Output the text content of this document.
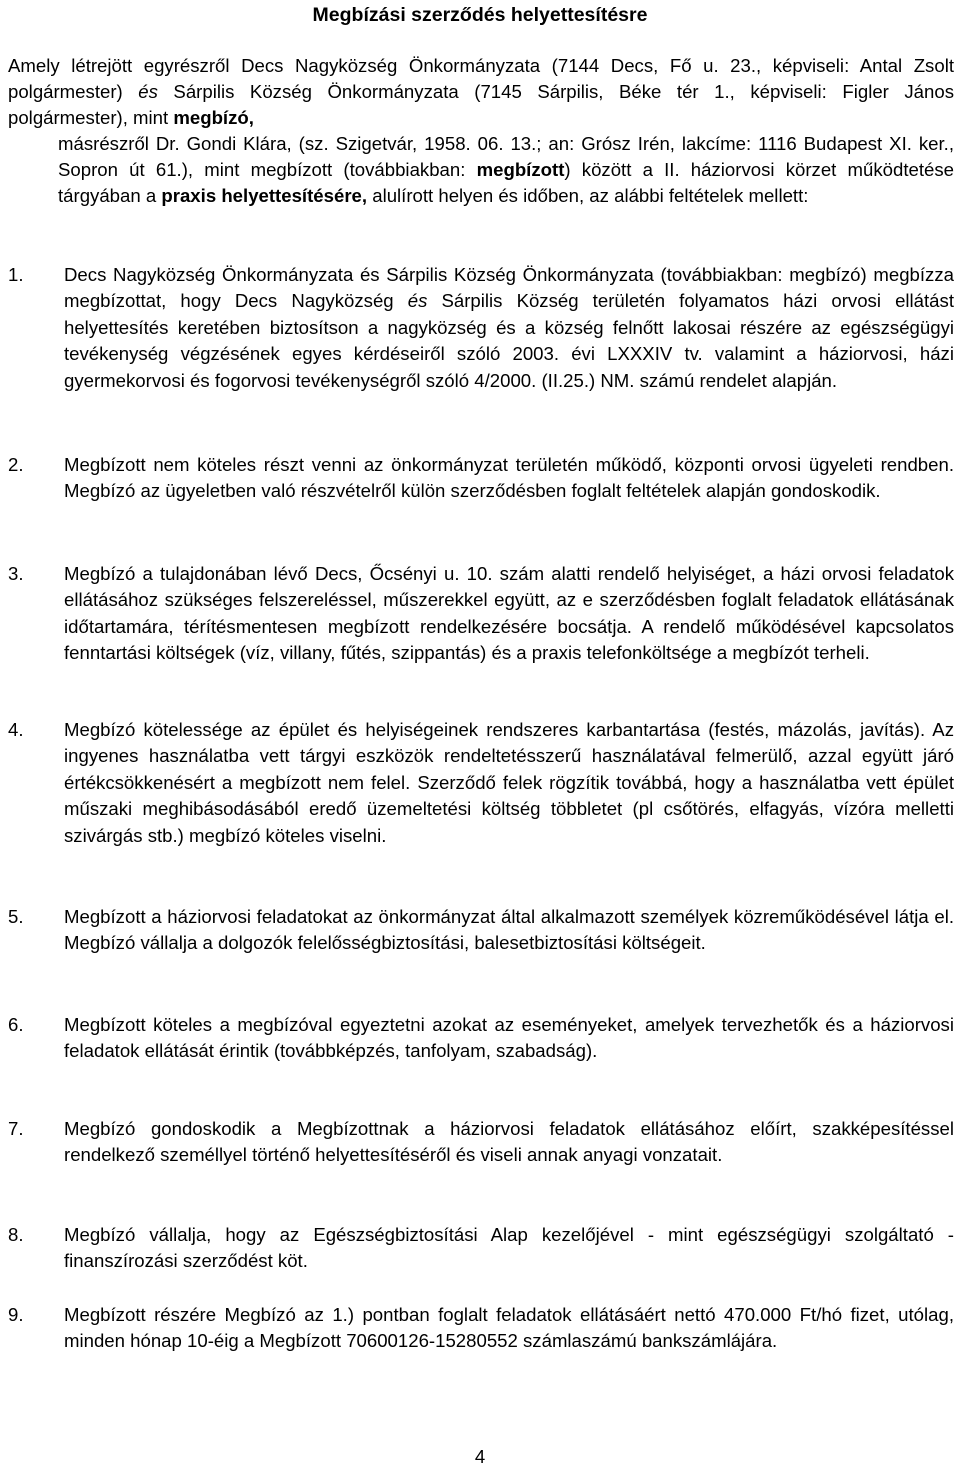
Megbízási szerződés helyettesítésre
Amely létrejött egyrészről Decs Nagyközség Önkormányzata (7144 Decs, Fő u. 23., képviseli: Antal Zsolt polgármester) és Sárpilis Község Önkormányzata (7145 Sárpilis, Béke tér 1., képviseli: Figler János polgármester), mint megbízó,
másrészről Dr. Gondi Klára, (sz. Szigetvár, 1958. 06. 13.; an: Grósz Irén, lakcíme: 1116 Budapest XI. ker., Sopron út 61.), mint megbízott (továbbiakban: megbízott) között a II. háziorvosi körzet működtetése tárgyában a praxis helyettesítésére, alulírott helyen és időben, az alábbi feltételek mellett:
1.	Decs Nagyközség Önkormányzata és Sárpilis Község Önkormányzata (továbbiakban: megbízó) megbízza megbízottat, hogy Decs Nagyközség és Sárpilis Község területén folyamatos házi orvosi ellátást helyettesítés keretében biztosítson a nagyközség és a község felnőtt lakosai részére az egészségügyi tevékenység végzésének egyes kérdéseiről szóló 2003. évi LXXXIV tv. valamint a háziorvosi, házi gyermekorvosi és fogorvosi tevékenységről szóló 4/2000. (II.25.) NM. számú rendelet alapján.
2.	Megbízott nem köteles részt venni az önkormányzat területén működő, központi orvosi ügyeleti rendben. Megbízó az ügyeletben való részvételről külön szerződésben foglalt feltételek alapján gondoskodik.
3.	Megbízó a tulajdonában lévő Decs, Őcsényi u. 10. szám alatti rendelő helyiséget, a házi orvosi feladatok ellátásához szükséges felszereléssel, műszerekkel együtt, az e szerződésben foglalt feladatok ellátásának időtartamára, térítésmentesen megbízott rendelkezésére bocsátja. A rendelő működésével kapcsolatos fenntartási költségek (víz, villany, fűtés, szippantás) és a praxis telefonköltsége a megbízót terheli.
4.	Megbízó kötelessége az épület és helyiségeinek rendszeres karbantartása (festés, mázolás, javítás). Az ingyenes használatba vett tárgyi eszközök rendeltetésszerű használatával felmerülő, azzal együtt járó értékcsökkenésért a megbízott nem felel. Szerződő felek rögzítik továbbá, hogy a használatba vett épület műszaki meghibásodásából eredő üzemeltetési költség többletet (pl csőtörés, elfagyás, vízóra melletti szivárgás stb.) megbízó köteles viselni.
5.	Megbízott a háziorvosi feladatokat az önkormányzat által alkalmazott személyek közreműködésével látja el. Megbízó vállalja a dolgozók felelősségbiztosítási, balesetbiztosítási költségeit.
6.	Megbízott köteles a megbízóval egyeztetni azokat az eseményeket, amelyek tervezhetők és a háziorvosi feladatok ellátását érintik (továbbképzés, tanfolyam, szabadság).
7.	Megbízó gondoskodik a Megbízottnak a háziorvosi feladatok ellátásához előírt, szakképesítéssel rendelkező személlyel történő helyettesítéséről és viseli annak anyagi vonzatait.
8.	Megbízó vállalja, hogy az Egészségbiztosítási Alap kezelőjével - mint egészségügyi szolgáltató - finanszírozási szerződést köt.
9.	Megbízott részére Megbízó az 1.) pontban foglalt feladatok ellátásáért nettó 470.000 Ft/hó fizet, utólag, minden hónap 10-éig a Megbízott 70600126-15280552 számlaszámú bankszámlájára.
4
